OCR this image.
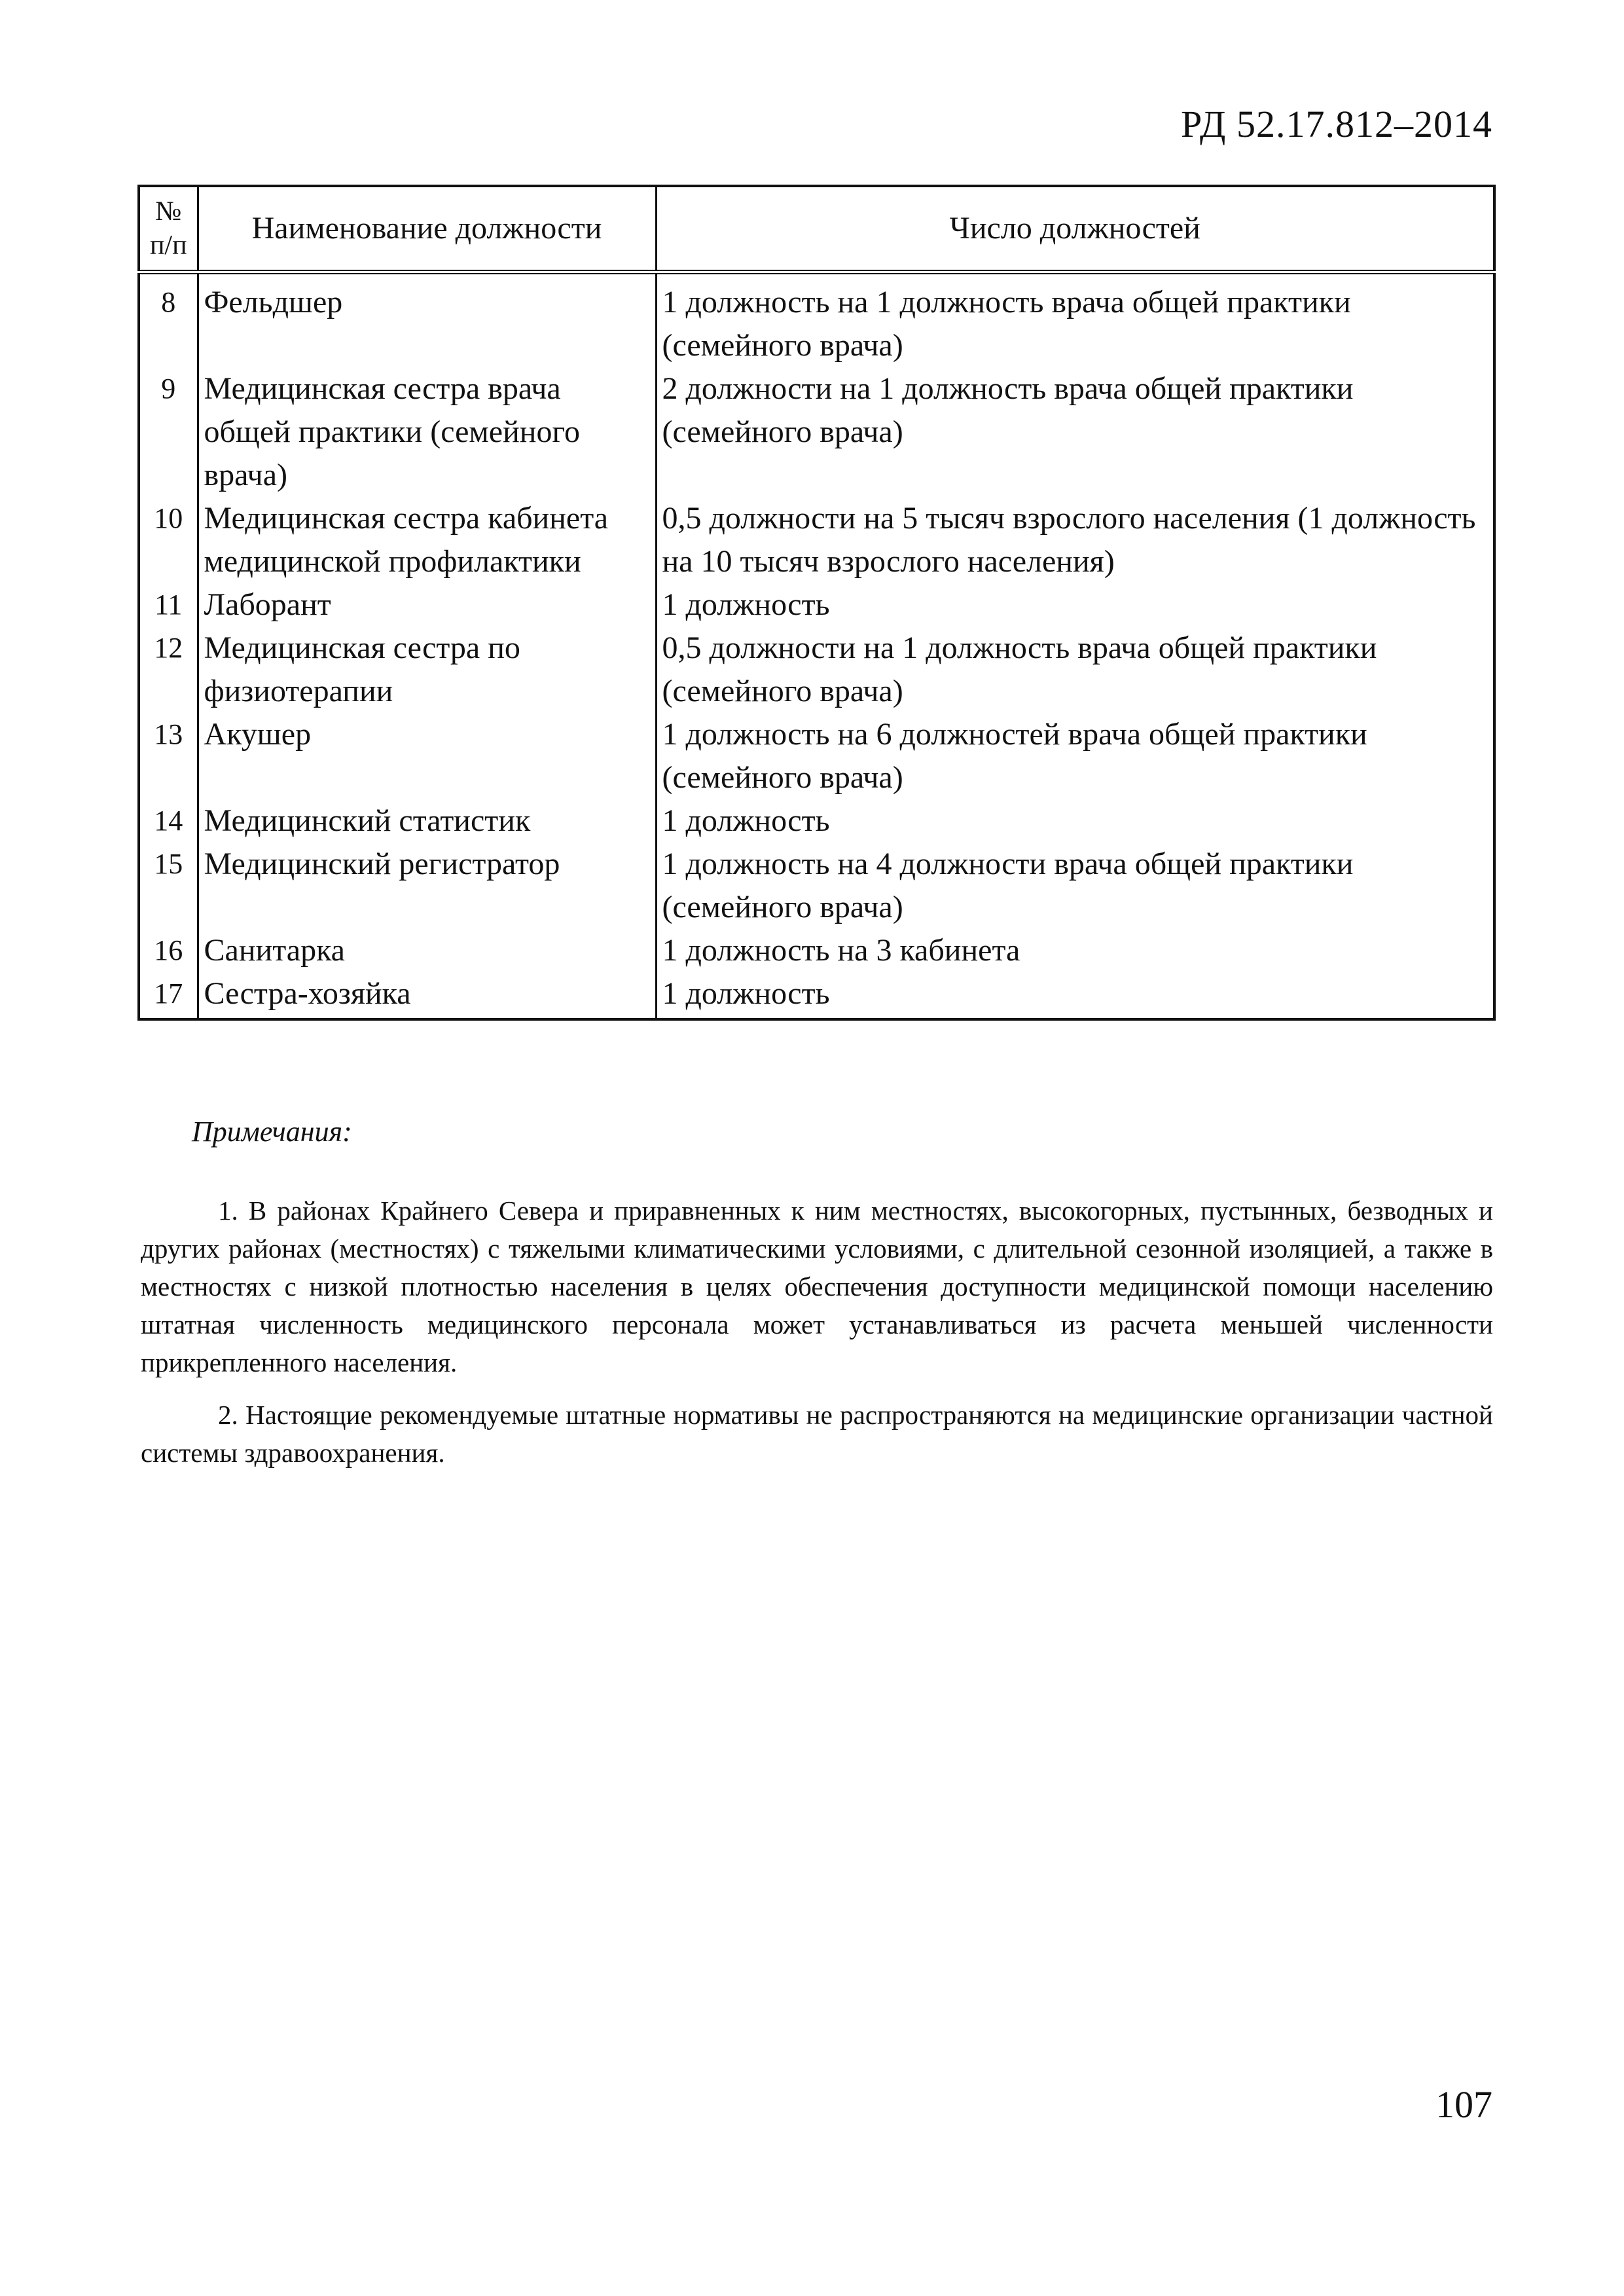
РД 52.17.812–2014
№ п/п	Наименование должности	Число должностей
8	Фельдшер	1 должность на 1 должность врача общей практики (семейного врача)
9	Медицинская сестра врача общей практики (семейного врача)	2 должности на 1 должность врача общей практики (семейного врача)
10	Медицинская сестра кабинета медицинской профилактики	0,5 должности на 5 тысяч взрослого населения (1 должность на 10 тысяч взрослого населения)
11	Лаборант	1 должность
12	Медицинская сестра по физиотерапии	0,5 должности на 1 должность врача общей практики (семейного врача)
13	Акушер	1 должность на 6 должностей врача общей практики (семейного врача)
14	Медицинский статистик	1 должность
15	Медицинский регистратор	1 должность на 4 должности врача общей практики (семейного врача)
16	Санитарка	1 должность на 3 кабинета
17	Сестра-хозяйка	1 должность
Примечания:

1. В районах Крайнего Севера и приравненных к ним местностях, высокогорных, пустынных, безводных и других районах (местностях) с тяжелыми климатическими условиями, с длительной сезонной изоляцией, а также в местностях с низкой плотностью населения в целях обеспечения доступности медицинской помощи населению штатная численность медицинского персонала может устанавливаться из расчета меньшей численности прикрепленного населения.

2. Настоящие рекомендуемые штатные нормативы не распространяются на медицинские организации частной системы здравоохранения.

107
